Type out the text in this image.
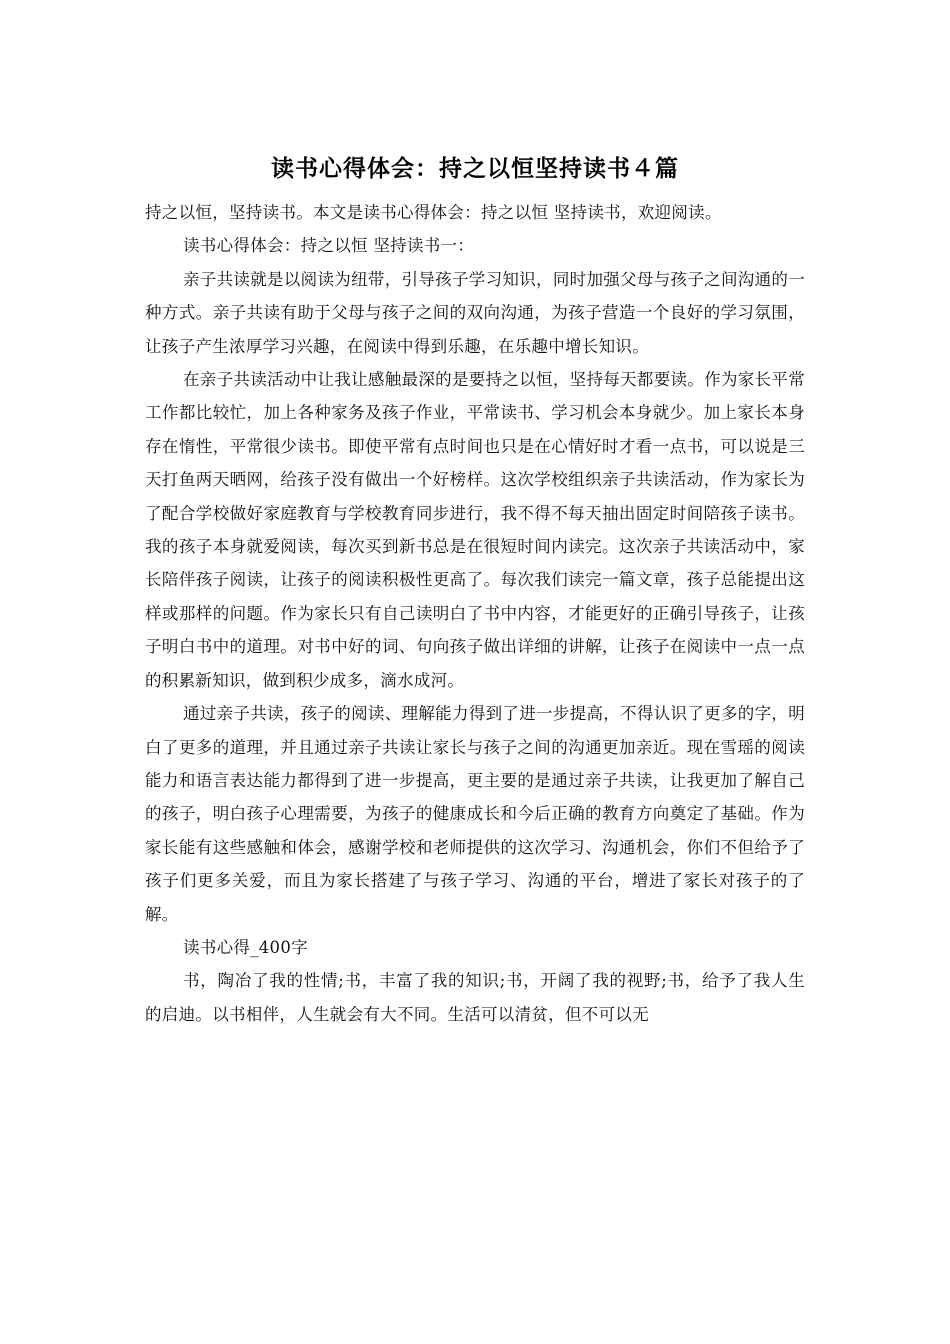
读书心得体会：持之以恒坚持读书４篇

持之以恒，坚持读书。本文是读书心得体会：持之以恒 坚持读书，欢迎阅读。

读书心得体会：持之以恒 坚持读书一：

亲子共读就是以阅读为纽带，引导孩子学习知识，同时加强父母与孩子之间沟通的一种方式。亲子共读有助于父母与孩子之间的双向沟通，为孩子营造一个良好的学习氛围，让孩子产生浓厚学习兴趣，在阅读中得到乐趣，在乐趣中增长知识。

在亲子共读活动中让我让感触最深的是要持之以恒，坚持每天都要读。作为家长平常工作都比较忙，加上各种家务及孩子作业，平常读书、学习机会本身就少。加上家长本身存在惰性，平常很少读书。即使平常有点时间也只是在心情好时才看一点书，可以说是三天打鱼两天晒网，给孩子没有做出一个好榜样。这次学校组织亲子共读活动，作为家长为了配合学校做好家庭教育与学校教育同步进行，我不得不每天抽出固定时间陪孩子读书。我的孩子本身就爱阅读，每次买到新书总是在很短时间内读完。这次亲子共读活动中，家长陪伴孩子阅读，让孩子的阅读积极性更高了。每次我们读完一篇文章，孩子总能提出这样或那样的问题。作为家长只有自己读明白了书中内容，才能更好的正确引导孩子，让孩子明白书中的道理。对书中好的词、句向孩子做出详细的讲解，让孩子在阅读中一点一点的积累新知识，做到积少成多，滴水成河。

通过亲子共读，孩子的阅读、理解能力得到了进一步提高，不得认识了更多的字，明白了更多的道理，并且通过亲子共读让家长与孩子之间的沟通更加亲近。现在雪瑶的阅读能力和语言表达能力都得到了进一步提高，更主要的是通过亲子共读，让我更加了解自己的孩子，明白孩子心理需要，为孩子的健康成长和今后正确的教育方向奠定了基础。作为家长能有这些感触和体会，感谢学校和老师提供的这次学习、沟通机会，你们不但给予了孩子们更多关爱，而且为家长搭建了与孩子学习、沟通的平台，增进了家长对孩子的了解。

读书心得_400字

书，陶冶了我的性情;书，丰富了我的知识;书，开阔了我的视野;书，给予了我人生的启迪。以书相伴，人生就会有大不同。生活可以清贫，但不可以无
